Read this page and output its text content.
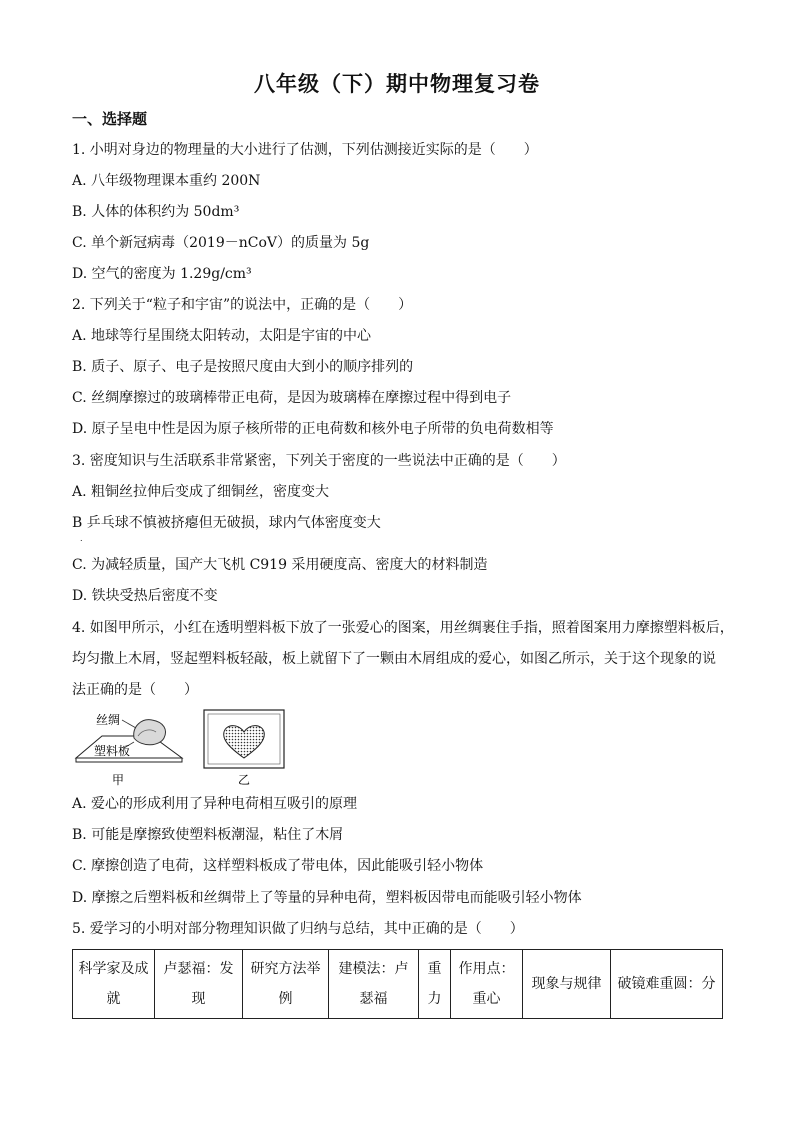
八年级（下）期中物理复习卷
一、选择题
1. 小明对身边的物理量的大小进行了估测，下列估测接近实际的是（　　）
A. 八年级物理课本重约 200N
B. 人体的体积约为 50dm³
C. 单个新冠病毒（2019－nCoV）的质量为 5g
D. 空气的密度为 1.29g/cm³
2. 下列关于“粒子和宇宙”的说法中，正确的是（　　）
A. 地球等行星围绕太阳转动，太阳是宇宙的中心
B. 质子、原子、电子是按照尺度由大到小的顺序排列的
C. 丝绸摩擦过的玻璃棒带正电荷，是因为玻璃棒在摩擦过程中得到电子
D. 原子呈电中性是因为原子核所带的正电荷数和核外电子所带的负电荷数相等
3. 密度知识与生活联系非常紧密，下列关于密度的一些说法中正确的是（　　）
A. 粗铜丝拉伸后变成了细铜丝，密度变大
B 乒乓球不慎被挤瘪但无破损，球内气体密度变大
.
C. 为减轻质量，国产大飞机 C919 采用硬度高、密度大的材料制造
D. 铁块受热后密度不变
4. 如图甲所示，小红在透明塑料板下放了一张爱心的图案，用丝绸裹住手指，照着图案用力摩擦塑料板后，
均匀撒上木屑，竖起塑料板轻敲，板上就留下了一颗由木屑组成的爱心，如图乙所示，关于这个现象的说
法正确的是（　　）
丝绸
塑料板
甲	乙
A. 爱心的形成利用了异种电荷相互吸引的原理
B. 可能是摩擦致使塑料板潮湿，粘住了木屑
C. 摩擦创造了电荷，这样塑料板成了带电体，因此能吸引轻小物体
D. 摩擦之后塑料板和丝绸带上了等量的异种电荷，塑料板因带电而能吸引轻小物体
5. 爱学习的小明对部分物理知识做了归纳与总结，其中正确的是（　　）
科学家及成就	卢瑟福：发现	研究方法举例	建模法：卢瑟福	重力	作用点：重心	现象与规律	破镜难重圆：分
